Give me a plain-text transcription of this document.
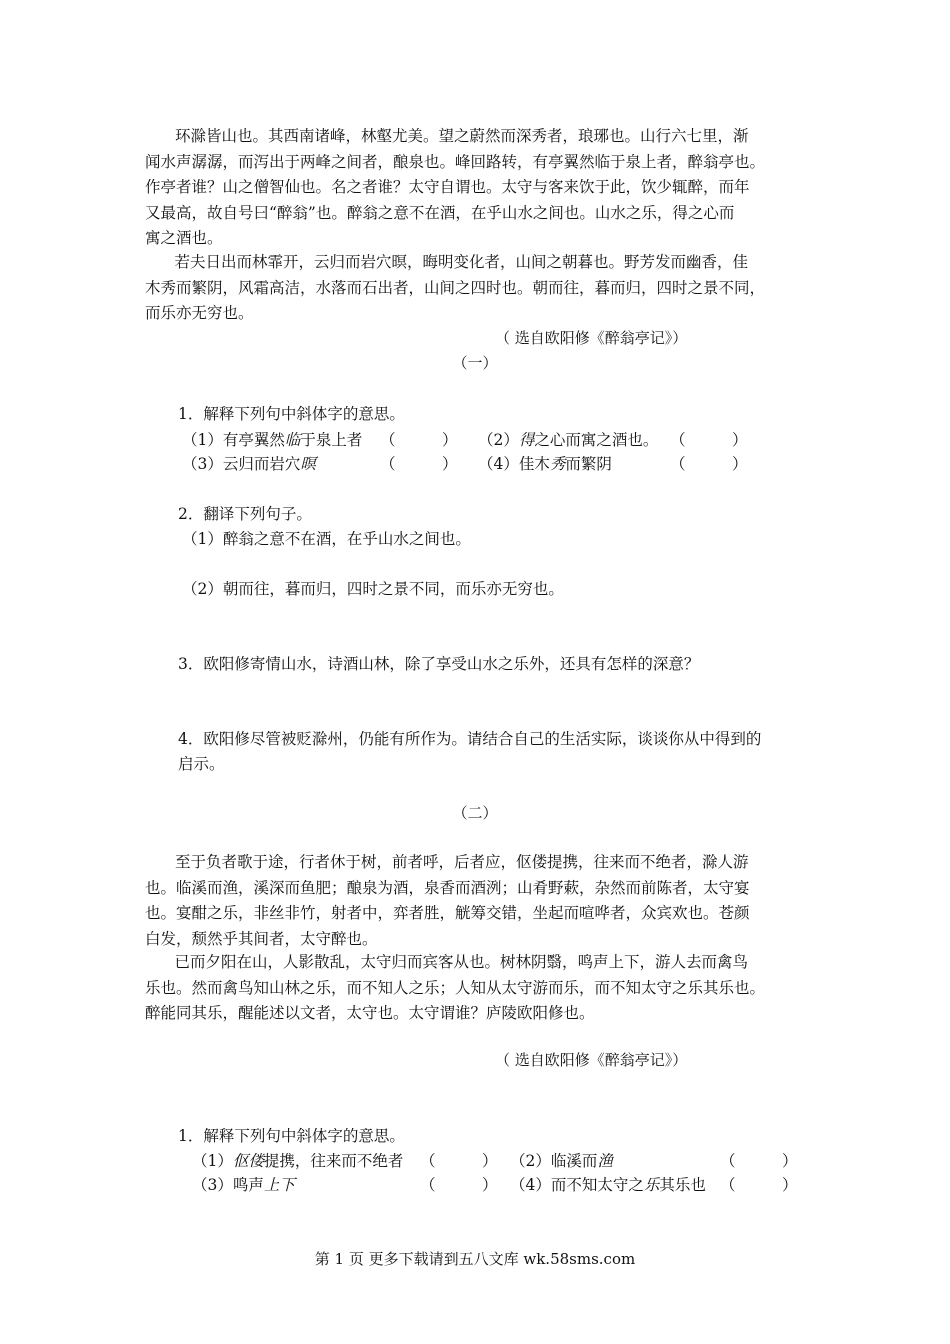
环滁皆山也。其西南诸峰，林壑尤美。望之蔚然而深秀者，琅琊也。山行六七里，渐
闻水声潺潺，而泻出于两峰之间者，酿泉也。峰回路转，有亭翼然临于泉上者，醉翁亭也。
作亭者谁？山之僧智仙也。名之者谁？太守自谓也。太守与客来饮于此，饮少辄醉，而年
又最高，故自号曰“醉翁”也。醉翁之意不在酒，在乎山水之间也。山水之乐，得之心而
寓之酒也。
　若夫日出而林霏开，云归而岩穴暝，晦明变化者，山间之朝暮也。野芳发而幽香，佳
木秀而繁阴，风霜高洁，水落而石出者，山间之四时也。朝而往，暮而归，四时之景不同，
而乐亦无穷也。
（ 选自欧阳修《醉翁亭记》）
（一）
1．解释下列句中斜体字的意思。
（1）有亭翼然临于泉上者 （　　　） （2）得之心而寓之酒也。 （　　　）
（3）云归而岩穴暝	（　　　） （4）佳木秀而繁阴	（　　　）
2．翻译下列句子。
（1）醉翁之意不在酒，在乎山水之间也。
（2）朝而往，暮而归，四时之景不同，而乐亦无穷也。
3．欧阳修寄情山水，诗酒山林，除了享受山水之乐外，还具有怎样的深意？
4．欧阳修尽管被贬滁州，仍能有所作为。请结合自己的生活实际，谈谈你从中得到的
启示。
（二）
至于负者歌于途，行者休于树，前者呼，后者应，伛偻提携，往来而不绝者，滁人游
也。临溪而渔，溪深而鱼肥；酿泉为酒，泉香而酒洌；山肴野蔌，杂然而前陈者，太守宴
也。宴酣之乐，非丝非竹，射者中，弈者胜，觥筹交错，坐起而喧哗者，众宾欢也。苍颜
白发，颓然乎其间者，太守醉也。
　已而夕阳在山，人影散乱，太守归而宾客从也。树林阴翳，鸣声上下，游人去而禽鸟
乐也。然而禽鸟知山林之乐，而不知人之乐；人知从太守游而乐，而不知太守之乐其乐也。
醉能同其乐，醒能述以文者，太守也。太守谓谁？庐陵欧阳修也。
（ 选自欧阳修《醉翁亭记》）
1．解释下列句中斜体字的意思。
（1）伛偻提携，往来而不绝者 （　　　） （2）临溪而渔	（　　　）
（3）鸣声上下	（　　　） （4）而不知太守之乐其乐也 （　　　）
第 1 页 更多下载请到五八文库 wk.58sms.com
